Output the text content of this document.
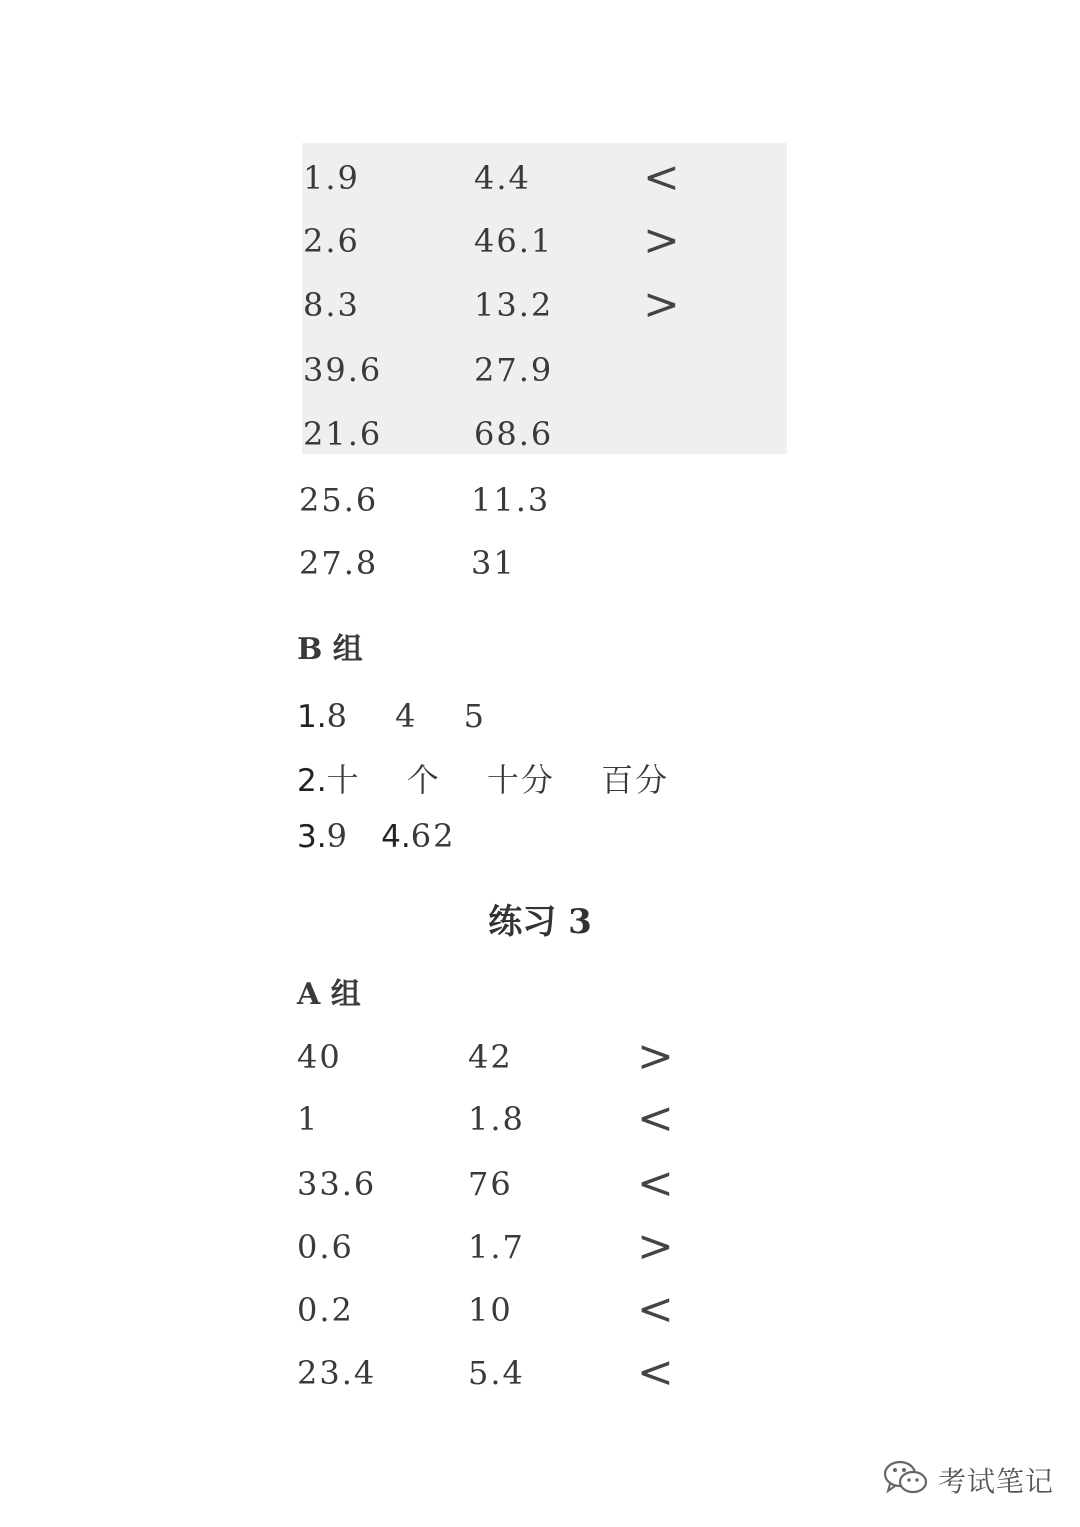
1.9	4.4	<
2.6	46.1 >
8.3	13.2 >
39.6	27.9
21.6	68.6
25.6	11.3
27.8	31
B 组
1.8　 4　 5
2.十　 个　 十分　 百分
3.9 4.62
练习 3
A 组
40	42	>
1	1.8	<
33.6	76	<
0.6	1.7	>
0.2	10	<
23.4	5.4	<
考试笔记
